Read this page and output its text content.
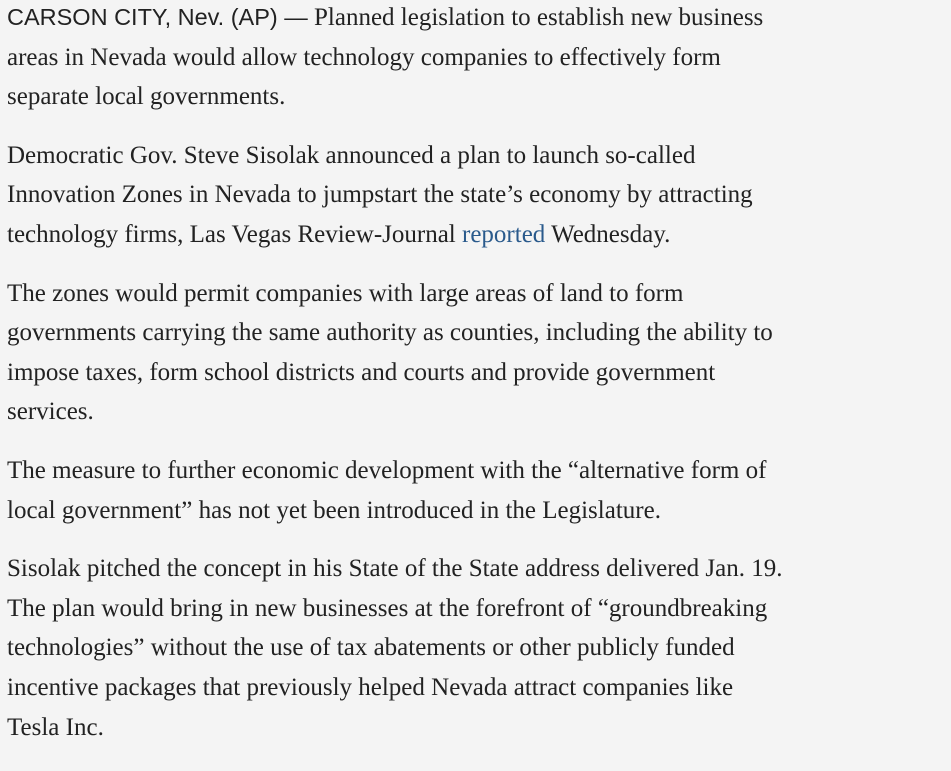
CARSON CITY, Nev. (AP) — Planned legislation to establish new business
areas in Nevada would allow technology companies to effectively form
separate local governments.

Democratic Gov. Steve Sisolak announced a plan to launch so-called
Innovation Zones in Nevada to jumpstart the state’s economy by attracting
technology firms, Las Vegas Review-Journal reported Wednesday.

The zones would permit companies with large areas of land to form
governments carrying the same authority as counties, including the ability to
impose taxes, form school districts and courts and provide government
services.

The measure to further economic development with the “alternative form of
local government” has not yet been introduced in the Legislature.

Sisolak pitched the concept in his State of the State address delivered Jan. 19.
The plan would bring in new businesses at the forefront of “groundbreaking
technologies” without the use of tax abatements or other publicly funded
incentive packages that previously helped Nevada attract companies like
Tesla Inc.
